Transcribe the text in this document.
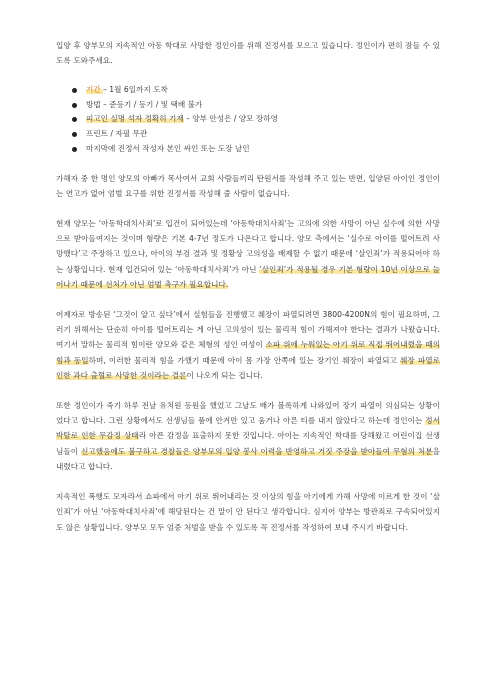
입양 후 양부모의 지속적인 아동 학대로 사망한 정인이를 위해 진정서를 모으고 있습니다. 정인이가 편히 잠들 수 있도록 도와주세요.

기간 – 1월 6일까지 도착
방법 – 준등기 / 등기 / 및 택배 불가
피고인 실명 석자 정확히 기재 – 양부 안성은 / 양모 장하영
프린트 / 자필 무관
마지막에 진정서 작성자 본인 싸인 또는 도장 날인

가해자 중 한 명인 양모의 아빠가 목사여서 교회 사람들끼리 탄원서를 작성해 주고 있는 반면, 입양된 아이인 정인이는 연고가 없어 엄벌 요구를 위한 진정서를 작성해 줄 사람이 없습니다.

현재 양모는 ‘아동학대치사죄’로 입건이 되어있는데 ‘아동학대치사죄’는 고의에 의한 사망이 아닌 실수에 의한 사망으로 받아들여지는 것이며 형량은 기본 4-7년 정도가 나온다고 합니다. 양모 측에서는 ‘실수로 아이를 떨어트려 사망했다’고 주장하고 있으나, 아이의 부검 결과 및 정황상 고의성을 배제할 수 없기 때문에 ‘살인죄’가 적용되어야 하는 상황입니다. 현재 입건되어 있는 ‘아동학대치사죄’가 아닌 ‘살인죄’가 적용될 경우 기본 형량이 10년 이상으로 늘어나기 때문에 선처가 아닌 엄벌 촉구가 필요합니다.

어제자로 방송된 ‘그것이 알고 싶다’에서 실험들을 진행했고 췌장이 파열되려면 3800-4200N의 힘이 필요하며, 그러기 위해서는 단순히 아이를 떨어트리는 게 아닌 고의성이 있는 물리적 힘이 가해져야 한다는 결과가 나왔습니다. 여기서 말하는 물리적 힘이란 양모와 같은 체형의 성인 여성이 소파 위에 누워있는 아기 위로 직접 뛰어내렸을 때의 힘과 동일하며, 이러한 물리적 힘을 가했기 때문에 아이 몸 가장 안쪽에 있는 장기인 췌장이 파열되고 췌장 파열로 인한 과다 출혈로 사망한 것이라는 결론이 나오게 되는 겁니다.

또한 정인이가 죽기 하루 전날 유치원 등원을 했었고 그날도 배가 볼록하게 나와있어 장기 파열이 의심되는 상황이었다고 합니다. 그런 상황에서도 선생님들 품에 안겨만 있고 움거나 아른 티를 내지 않았다고 하는데 정인이는 정서 박탈로 인한 무감정 상태라 아픈 감정을 표출하지 못한 것입니다. 아이는 지속적인 학대를 당해왔고 어린이집 선생님들이 신고했음에도 불구하고 경찰들은 양부모의 입양 봉사 이력을 반영하고 거짓 주장을 받아들여 무혐의 처분을 내렸다고 합니다.

지속적인 폭행도 모자라서 쇼파에서 아기 위로 뛰어내리는 것 이상의 힘을 아기에게 가해 사망에 이르게 한 것이 ‘살인죄’가 아닌 ‘아동학대치사죄’에 해당된다는 건 말이 안 된다고 생각합니다. 심지어 양부는 방관죄로 구속되어있지도 않은 상황입니다. 양부모 모두 엄중 처벌을 받을 수 있도록 꼭 진정서를 작성하여 보내 주시기 바랍니다.
